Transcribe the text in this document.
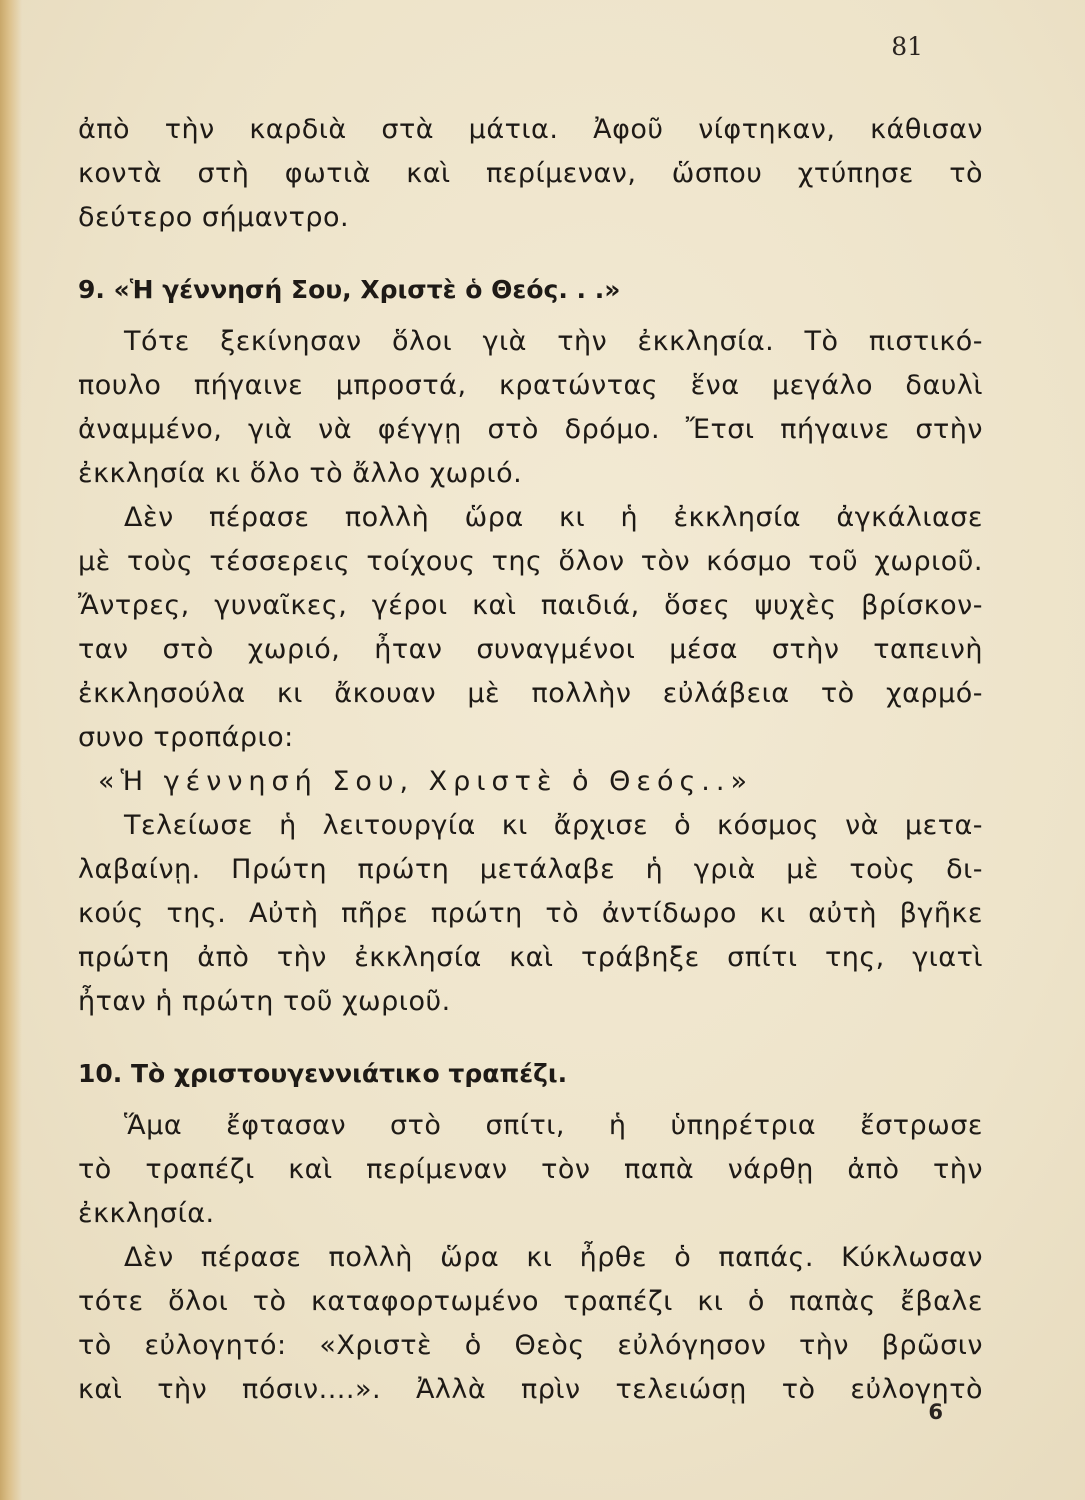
81

ἀπὸ τὴν καρδιὰ στὰ μάτια. Ἀφοῦ νίφτηκαν, κάθισαν

κοντὰ στὴ φωτιὰ καὶ περίμεναν, ὥσπου χτύπησε τὸ

δεύτερο σήμαντρο.

9. «Ἡ γέννησή Σου, Χριστὲ ὁ Θεός. . .»

Τότε ξεκίνησαν ὅλοι γιὰ τὴν ἐκκλησία. Τὸ πιστικό-

πουλο πήγαινε μπροστά, κρατώντας ἕνα μεγάλο δαυλὶ

ἀναμμένο, γιὰ νὰ φέγγῃ στὸ δρόμο. Ἔτσι πήγαινε στὴν

ἐκκλησία κι ὅλο τὸ ἄλλο χωριό.

Δὲν πέρασε πολλὴ ὥρα κι ἡ ἐκκλησία ἀγκάλιασε

μὲ τοὺς τέσσερεις τοίχους της ὅλον τὸν κόσμο τοῦ χωριοῦ.

Ἄντρες, γυναῖκες, γέροι καὶ παιδιά, ὅσες ψυχὲς βρίσκον-

ταν στὸ χωριό, ἦταν συναγμένοι μέσα στὴν ταπεινὴ

ἐκκλησούλα κι ἄκουαν μὲ πολλὴν εὐλάβεια τὸ χαρμό-

συνο τροπάριο:

«Ἡ γέννησή Σου, Χριστὲ ὁ Θεός..»

Τελείωσε ἡ λειτουργία κι ἄρχισε ὁ κόσμος νὰ μετα-

λαβαίνῃ. Πρώτη πρώτη μετάλαβε ἡ γριὰ μὲ τοὺς δι-

κούς της. Αὐτὴ πῆρε πρώτη τὸ ἀντίδωρο κι αὐτὴ βγῆκε

πρώτη ἀπὸ τὴν ἐκκλησία καὶ τράβηξε σπίτι της, γιατὶ

ἦταν ἡ πρώτη τοῦ χωριοῦ.

10. Τὸ χριστουγεννιάτικο τραπέζι.

Ἅμα ἔφτασαν στὸ σπίτι, ἡ ὑπηρέτρια ἔστρωσε

τὸ τραπέζι καὶ περίμεναν τὸν παπὰ νάρθῃ ἀπὸ τὴν

ἐκκλησία.

Δὲν πέρασε πολλὴ ὥρα κι ἦρθε ὁ παπάς. Κύκλωσαν

τότε ὅλοι τὸ καταφορτωμένο τραπέζι κι ὁ παπὰς ἔβαλε

τὸ εὐλογητό: «Χριστὲ ὁ Θεὸς εὐλόγησον τὴν βρῶσιν

καὶ τὴν πόσιν....». Ἀλλὰ πρὶν τελειώσῃ τὸ εὐλογητὸ

6
